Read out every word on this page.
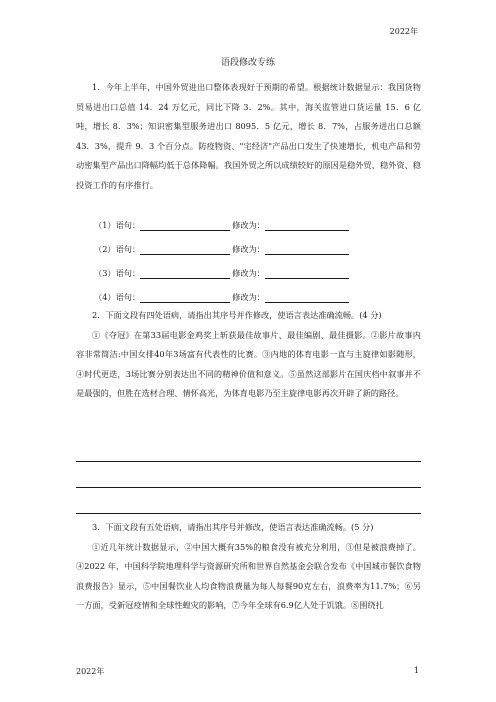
2022年
语段修改专练

1．今年上半年，中国外贸进出口整体表现好于预期的希望。根据统计数据显示：我国货物贸易进出口总值 14．24 万亿元，同比下降 3．2%。其中，海关监管进口货运量 15．6 亿吨，增长 8．3%；知识密集型服务进出口 8095．5 亿元，增长 8．7%，占服务进出口总额 43．3%，提升 9．3 个百分点。防疫物资、"宅经济"产品出口发生了快速增长，机电产品和劳动密集型产品出口降幅均低于总体降幅。我国外贸之所以成绩较好的原因是稳外贸、稳外资、稳投资工作的有序推行。

（1）语句：	修改为：
（2）语句：	修改为：
（3）语句：	修改为：
（4）语句：	修改为：

2．下面文段有四处语病，请指出其序号并作修改，使语言表达准确流畅。(4 分)

①《夺冠》在第33届电影金鸡奖上斩获最佳故事片、最佳编剧、最佳摄影。②影片故事内容非常简洁:中国女排40年3场富有代表性的比赛。③内地的体育电影一直与主旋律如影随形，④时代更迭，3场比赛分别表达出不同的精神价值和意义。⑤虽然这部影片在国庆档中叙事并不是最强的，但胜在选材合理、情怀高光，为体育电影乃至主旋律电影再次开辟了新的路径。

3．下面文段有五处语病，请指出其序号并修改，使语言表达准确流畅。(5 分)

①近几年统计数据显示，②中国大概有35%的粮食没有被充分利用，③但是被浪费掉了。④2022 年，中国科学院地理科学与资源研究所和世界自然基金会联合发布《中国城市餐饮食物浪费报告》显示，⑤中国餐饮业人均食物浪费量为每人每餐90克左右，浪费率为11.7%；⑥另一方面，受新冠疫情和全球性蝗灾的影响，⑦今年全球有6.9亿人处于饥饿。⑧围绕扎

2022年	1
